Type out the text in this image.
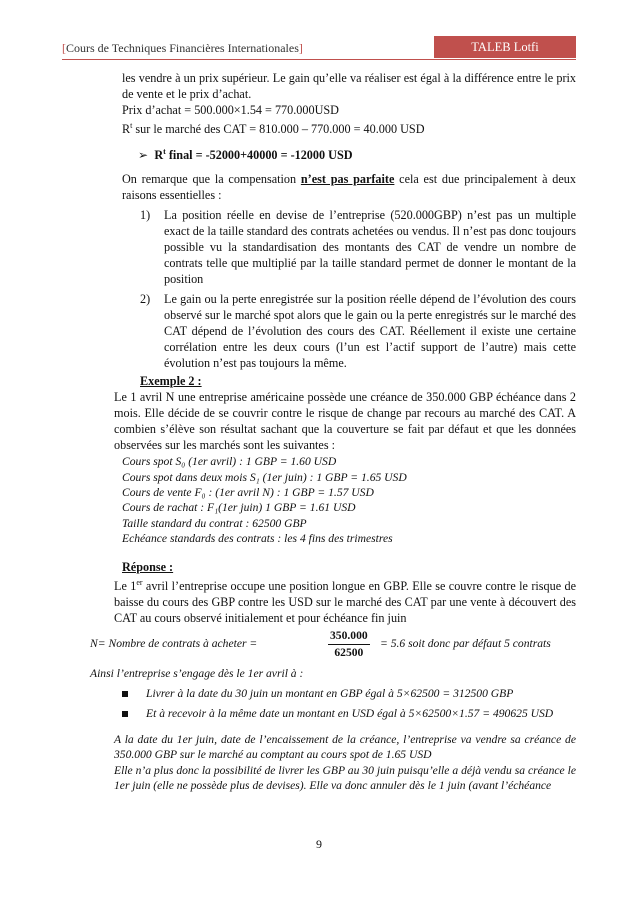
[Cours de Techniques Financières Internationales]	TALEB Lotfi

les vendre à un prix supérieur. Le gain qu’elle va réaliser est égal à la différence entre le prix de vente et le prix d’achat.

Prix d’achat = 500.000×1.54 = 770.000USD

$R^t$ sur le marché des CAT = 810.000 – 770.000 = 40.000 USD

➢ $R^t$ final = -52000+40000 = -12000 USD

On remarque que la compensation n’est pas parfaite cela est due principalement à deux raisons essentielles :

1) La position réelle en devise de l’entreprise (520.000GBP) n’est pas un multiple exact de la taille standard des contrats achetées ou vendus. Il n’est pas donc toujours possible vu la standardisation des montants des CAT de vendre un nombre de contrats telle que multiplié par la taille standard permet de donner le montant de la position
2) Le gain ou la perte enregistrée sur la position réelle dépend de l’évolution des cours observé sur le marché spot alors que le gain ou la perte enregistrés sur le marché des CAT dépend de l’évolution des cours des CAT. Réellement il existe une certaine corrélation entre les deux cours (l’un est l’actif support de l’autre) mais cette évolution n’est pas toujours la même.

Exemple 2 :

Le 1 avril N une entreprise américaine possède une créance de 350.000 GBP échéance dans 2 mois. Elle décide de se couvrir contre le risque de change par recours au marché des CAT. A combien s’élève son résultat sachant que la couverture se fait par défaut et que les données observées sur les marchés sont les suivantes :

Cours spot S₀ (1er avril) : 1 GBP = 1.60 USD

Cours spot dans deux mois S₁ (1er juin) : 1 GBP = 1.65 USD

Cours de vente F₀ : (1er avril N) : 1 GBP = 1.57 USD

Cours de rachat : F₁(1er juin) 1 GBP = 1.61 USD

Taille standard du contrat : 62500 GBP

Echéance standards des contrats : les 4 fins des trimestres

Réponse :

Le 1er avril l’entreprise occupe une position longue en GBP. Elle se couvre contre le risque de baisse du cours des GBP contre les USD sur le marché des CAT par une vente à découvert des CAT au cours observé initialement et pour échéance fin juin

N= Nombre de contrats à acheter =	$\frac{350.000}{62500} = 5.6$ soit donc par défaut 5 contrats

Ainsi l’entreprise s’engage dès le 1er avril à :

Livrer à la date du 30 juin un montant en GBP égal à 5×62500 = 312500 GBP
Et à recevoir à la même date un montant en USD égal à 5×62500×1.57 = 490625 USD

A la date du 1er juin, date de l’encaissement de la créance, l’entreprise va vendre sa créance de 350.000 GBP sur le marché au comptant au cours spot de 1.65 USD

Elle n’a plus donc la possibilité de livrer les GBP au 30 juin puisqu’elle a déjà vendu sa créance le 1er juin (elle ne possède plus de devises). Elle va donc annuler dès le 1 juin (avant l’échéance

9
